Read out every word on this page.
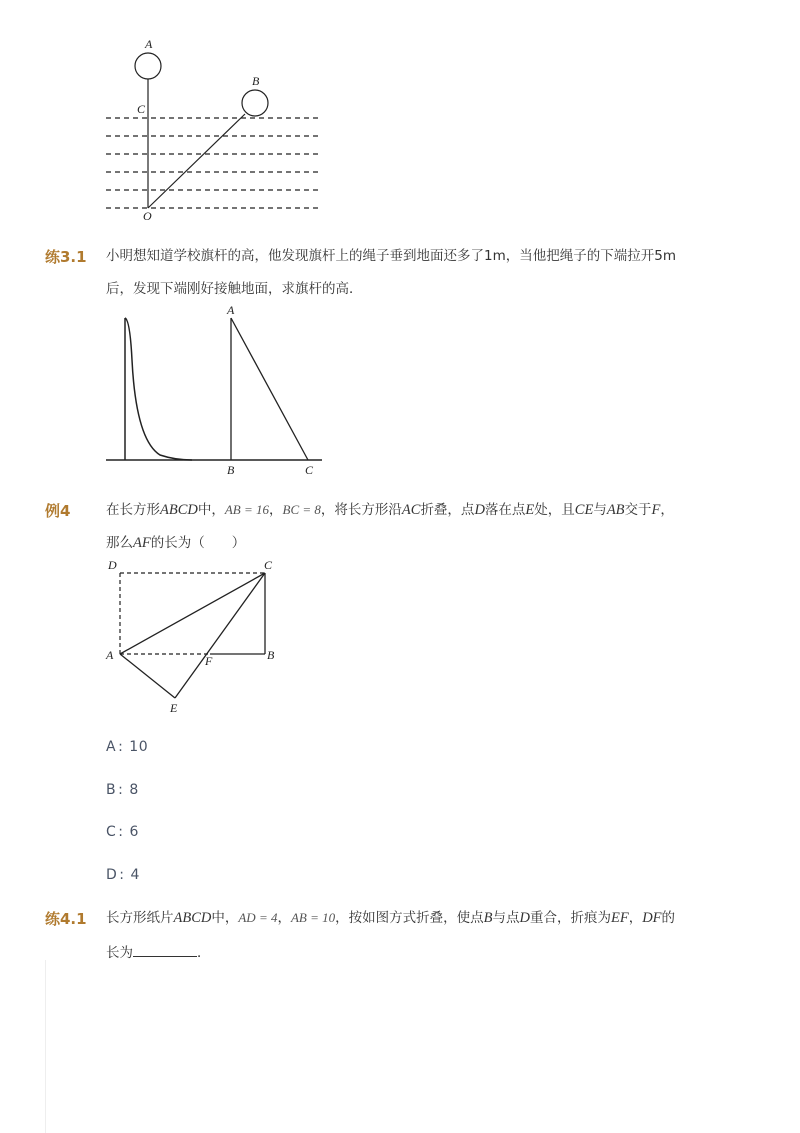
A
B
C
O
练3.1 小明想知道学校旗杆的高，他发现旗杆上的绳子垂到地面还多了1m，当他把绳子的下端拉开5m
后，发现下端刚好接触地面，求旗杆的高．
A
B	C
例4	在长方形ABCD中，AB = 16，BC = 8，将长方形沿AC折叠，点D落在点E处，且CE与AB交于F，
那么AF的长为（　　）
D	C
A	F	B
E
A : 10
B : 8
C : 6
D : 4
练4.1 长方形纸片ABCD中，AD = 4，AB = 10，按如图方式折叠，使点B与点D重合，折痕为EF，DF的
长为	．
